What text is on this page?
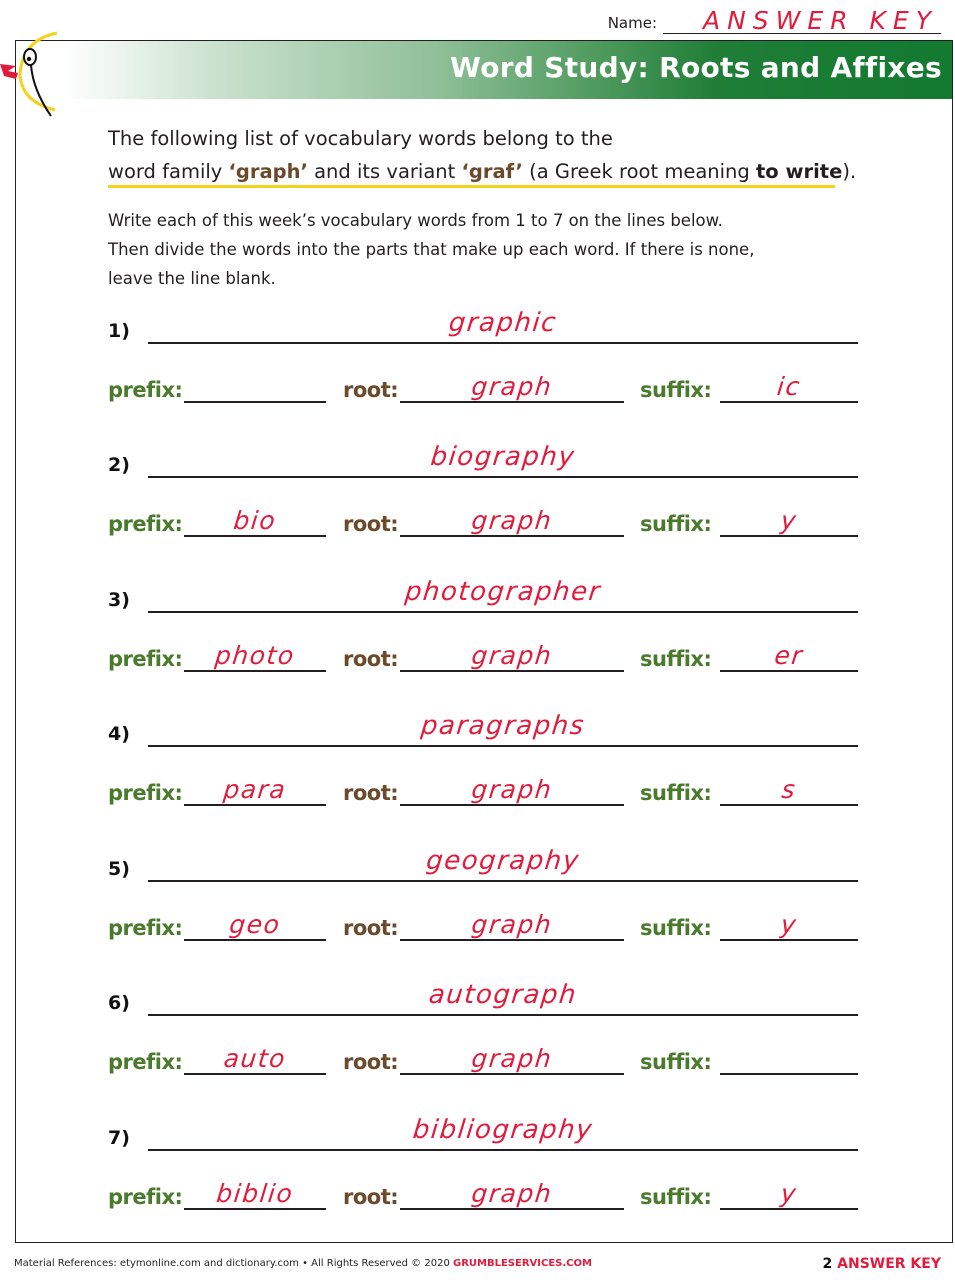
Name: ANSWER KEY
Word Study: Roots and Affixes
The following list of vocabulary words belong to the
word family ‘graph’ and its variant ‘graf’ (a Greek root meaning to write).
Write each of this week’s vocabulary words from 1 to 7 on the lines below.
Then divide the words into the parts that make up each word. If there is none,
leave the line blank.
1)	graphic
prefix:	root:	graph	suffix:	ic
2)	biography
prefix:	bio	root:	graph	suffix:	y
3)	photographer
prefix:	photo	root:	graph	suffix:	er
4)	paragraphs
prefix:	para	root:	graph	suffix:	s
5)	geography
prefix:	geo	root:	graph	suffix:	y
6)	autograph
prefix:	auto	root:	graph	suffix:
7)	bibliography
prefix:	biblio	root:	graph	suffix:	y
Material References: etymonline.com and dictionary.com • All Rights Reserved © 2020 GRUMBLESERVICES.COM	2 ANSWER KEY
